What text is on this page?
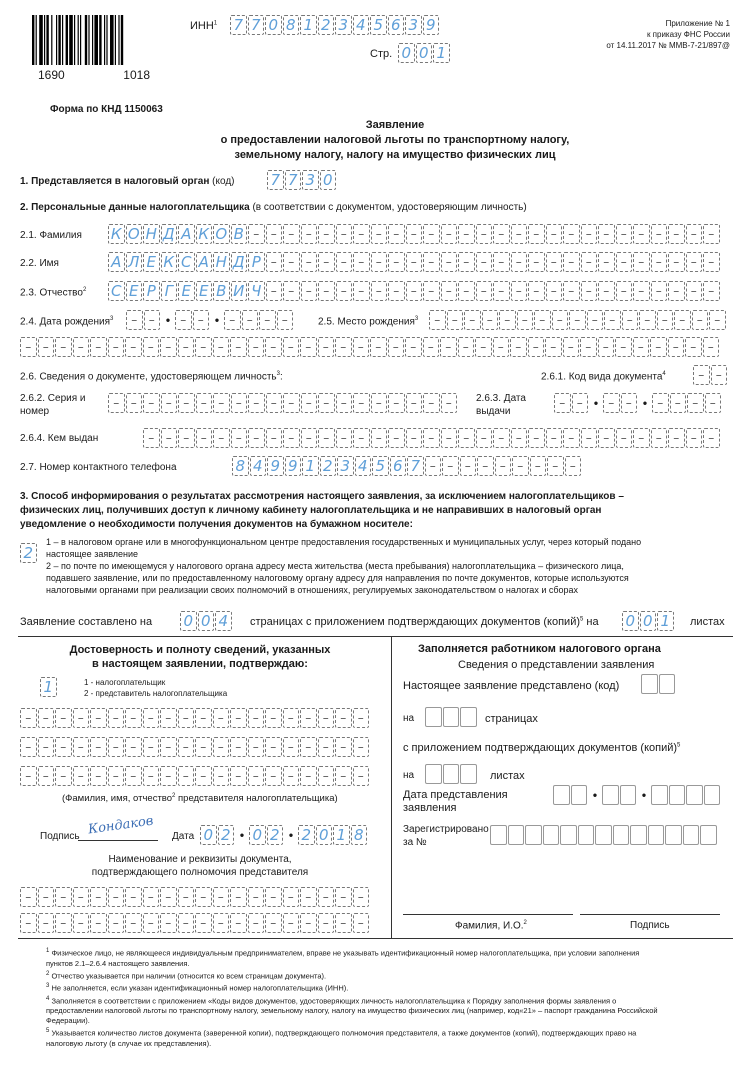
1690	1018
ИНН$^1$ 7 7 0 8 1 2 3 4 5 6 3 9
Стр. 0 0 1
Приложение № 1
к приказу ФНС России
от 14.11.2017 № ММВ-7-21/897@
Форма по КНД 1150063
Заявление
о предоставлении налоговой льготы по транспортному налогу,
земельному налогу, налогу на имущество физических лиц
1. Представляется в налоговый орган (код) 7 7 3 0
2. Персональные данные налогоплательщика (в соответствии с документом, удостоверяющим личность)
2.1. Фамилия К О Н Д А К О В
–
–
–
–
–
–
–
–
–
–
–
–
–
–
–
–
–
–
–
–
–
–
–
–
–
–
–
2.2. Имя	А Л Е К С А Н Д Р
–
–
–
–
–
–
–
–
–
–
–
–
–
–
–
–
–
–
–
–
–
–
–
–
–
–
2.3. Отчество$^2$ С Е Р Г Е Е В И Ч
–
–
–
–
–
–
–
–
–
–
–
–
–
–
–
–
–
–
–
–
–
–
–
–
–
–
2.4. Дата рождения$^3$ – –	• – –	• – – – –	2.5. Место рождения$^3$
–
–
–
–
–
–
–
–
–
–
–
–
–
–
–
–
–
–
–
–
–
–
–
–
–
–
–
–
–
–
–
–
–
–
–
–
–
–
–
–
–
–
–
–
–
–
–
–
–
–
–
–
–
–
–
–
–
2.6. Сведения о документе, удостоверяющем личность$^3$:	2.6.1. Код вида документа$^4$
–
–
2.6.2. Серия и
номер
–
–
–
–
–
–
–
–
–
–
–
–
–
–
–
–
–
–
–
–
2.6.3. Дата
выдачи
–
–
• – –	•
–
–
–
–
2.6.4. Кем выдан
–
–
–
–
–
–
–
–
–
–
–
–
–
–
–
–
–
–
–
–
–
–
–
–
–
–
–
–
–
–
–
–
–
2.7. Номер контактного телефона	8 4 9 9 1 2 3 4 5 6 7
–
–
–
–
–
–
–
–
–
3. Способ информирования о результатах рассмотрения настоящего заявления, за исключением налогоплательщиков –
физических лиц, получивших доступ к личному кабинету налогоплательщика и не направивших в налоговый орган
уведомление о необходимости получения документов на бумажном носителе:
2
1 – в налоговом органе или в многофункциональном центре предоставления государственных и муниципальных услуг, через который подано
настоящее заявление
2 – по почте по имеющемуся у налогового органа адресу места жительства (места пребывания) налогоплательщика – физического лица,
подавшего заявление, или по предоставленному налоговому органу адресу для направления по почте документов, которые используются
налоговыми органами при реализации своих полномочий в отношениях, регулируемых законодательством о налогах и сборах
Заявление составлено на 0 0 4	страницах с приложением подтверждающих документов (копий)$^5$ на 0 0 1	листах
Достоверность и полноту сведений, указанных
в настоящем заявлении, подтверждаю:
1	1 - налогоплательщик
2 - представитель налогоплательщика
–
–
–
–
–
–
–
–
–
–
–
–
–
–
–
–
–
–
–
–
–
–
–
–
–
–
–
–
–
–
–
–
–
–
–
–
–
–
–
–
–
–
–
–
–
–
–
–
–
–
–
–
–
–
–
–
–
–
–
–
(Фамилия, имя, отчество$^2$ представителя налогоплательщика)
Подпись Кондаков Дата 0 2 • 0 2 • 2 0 1 8
Наименование и реквизиты документа,
подтверждающего полномочия представителя
–
–
–
–
–
–
–
–
–
–
–
–
–
–
–
–
–
–
–
–
–
–
–
–
–
–
–
–
–
–
–
–
–
–
–
–
–
–
–
–
Заполняется работником налогового органа
Сведения о представлении заявления
Настоящее заявление представлено (код)
на	страницах
с приложением подтверждающих документов (копий)$^5$
на	листах
Дата представления
заявления
•	•
Зарегистрировано
за №
Фамилия, И.О.$^2$	Подпись
$^1$ Физическое лицо, не являющееся индивидуальным предпринимателем, вправе не указывать идентификационный номер налогоплательщика, при условии заполнения
пунктов 2.1–2.6.4 настоящего заявления.
$^2$ Отчество указывается при наличии (относится ко всем страницам документа).
$^3$ Не заполняется, если указан идентификационный номер налогоплательщика (ИНН).
$^4$ Заполняется в соответствии с приложением «Коды видов документов, удостоверяющих личность налогоплательщика к Порядку заполнения формы заявления о
предоставлении налоговой льготы по транспортному налогу, земельному налогу, налогу на имущество физических лиц (например, код«21» – паспорт гражданина Российской
Федерации).
$^5$ Указывается количество листов документа (заверенной копии), подтверждающего полномочия представителя, а также документов (копий), подтверждающих право на
налоговую льготу (в случае их представления).
